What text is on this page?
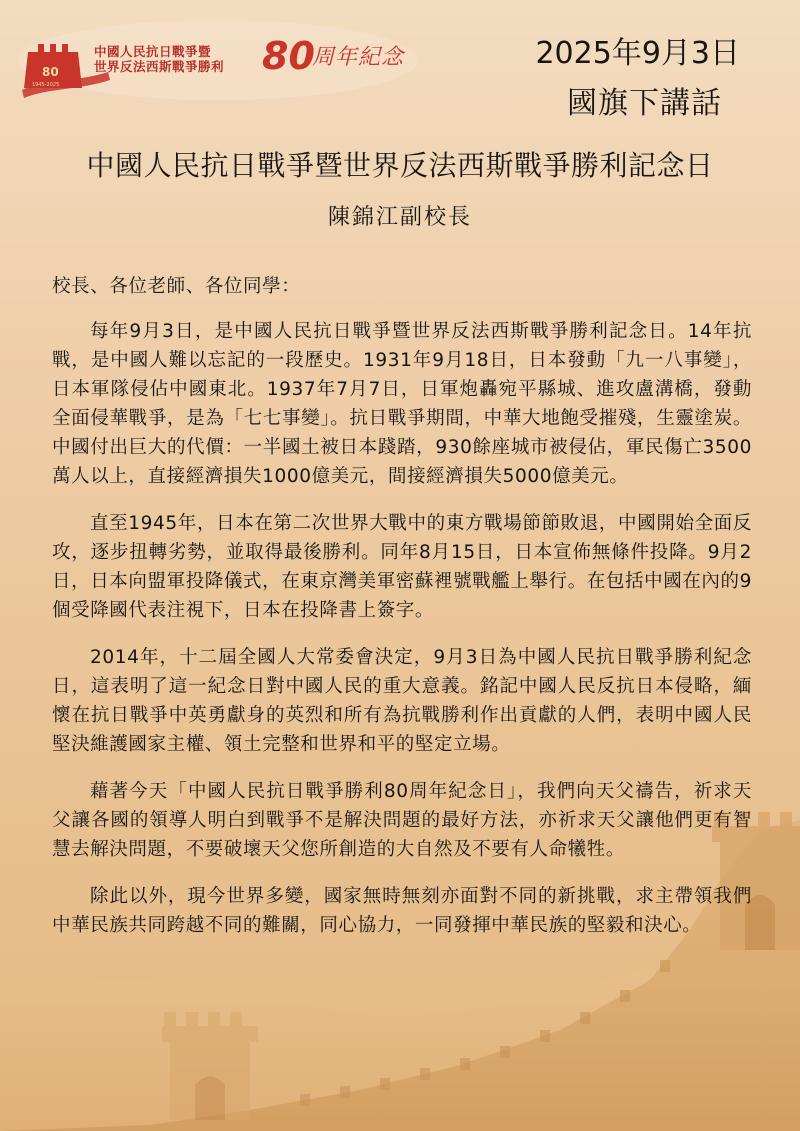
80
1945-2025
中國人民抗日戰爭暨
世界反法西斯戰爭勝利 80
周年紀念	2025年9月3日
國旗下講話
中國人民抗日戰爭暨世界反法西斯戰爭勝利記念日
陳錦江副校長

校長、各位老師、各位同學：

每年9月3日，是中國人民抗日戰爭暨世界反法西斯戰爭勝利記念日。14年抗戰，是中國人難以忘記的一段歷史。1931年9月18日，日本發動「九一八事變」，日本軍隊侵佔中國東北。1937年7月7日，日軍炮轟宛平縣城、進攻盧溝橋，發動全面侵華戰爭，是為「七七事變」。抗日戰爭期間，中華大地飽受摧殘，生靈塗炭。中國付出巨大的代價：一半國土被日本踐踏，930餘座城市被侵佔，軍民傷亡3500萬人以上，直接經濟損失1000億美元，間接經濟損失5000億美元。

直至1945年，日本在第二次世界大戰中的東方戰場節節敗退，中國開始全面反攻，逐步扭轉劣勢，並取得最後勝利。同年8月15日，日本宣佈無條件投降。9月2日，日本向盟軍投降儀式，在東京灣美軍密蘇裡號戰艦上舉行。在包括中國在內的9個受降國代表注視下，日本在投降書上簽字。

2014年，十二屆全國人大常委會決定，9月3日為中國人民抗日戰爭勝利紀念日，這表明了這一紀念日對中國人民的重大意義。銘記中國人民反抗日本侵略，緬懷在抗日戰爭中英勇獻身的英烈和所有為抗戰勝利作出貢獻的人們，表明中國人民堅決維護國家主權、領土完整和世界和平的堅定立場。

藉著今天「中國人民抗日戰爭勝利80周年紀念日」，我們向天父禱告，祈求天父讓各國的領導人明白到戰爭不是解決問題的最好方法，亦祈求天父讓他們更有智慧去解決問題，不要破壞天父您所創造的大自然及不要有人命犧牲。

除此以外，現今世界多變，國家無時無刻亦面對不同的新挑戰，求主帶領我們中華民族共同跨越不同的難關，同心協力，一同發揮中華民族的堅毅和決心。
